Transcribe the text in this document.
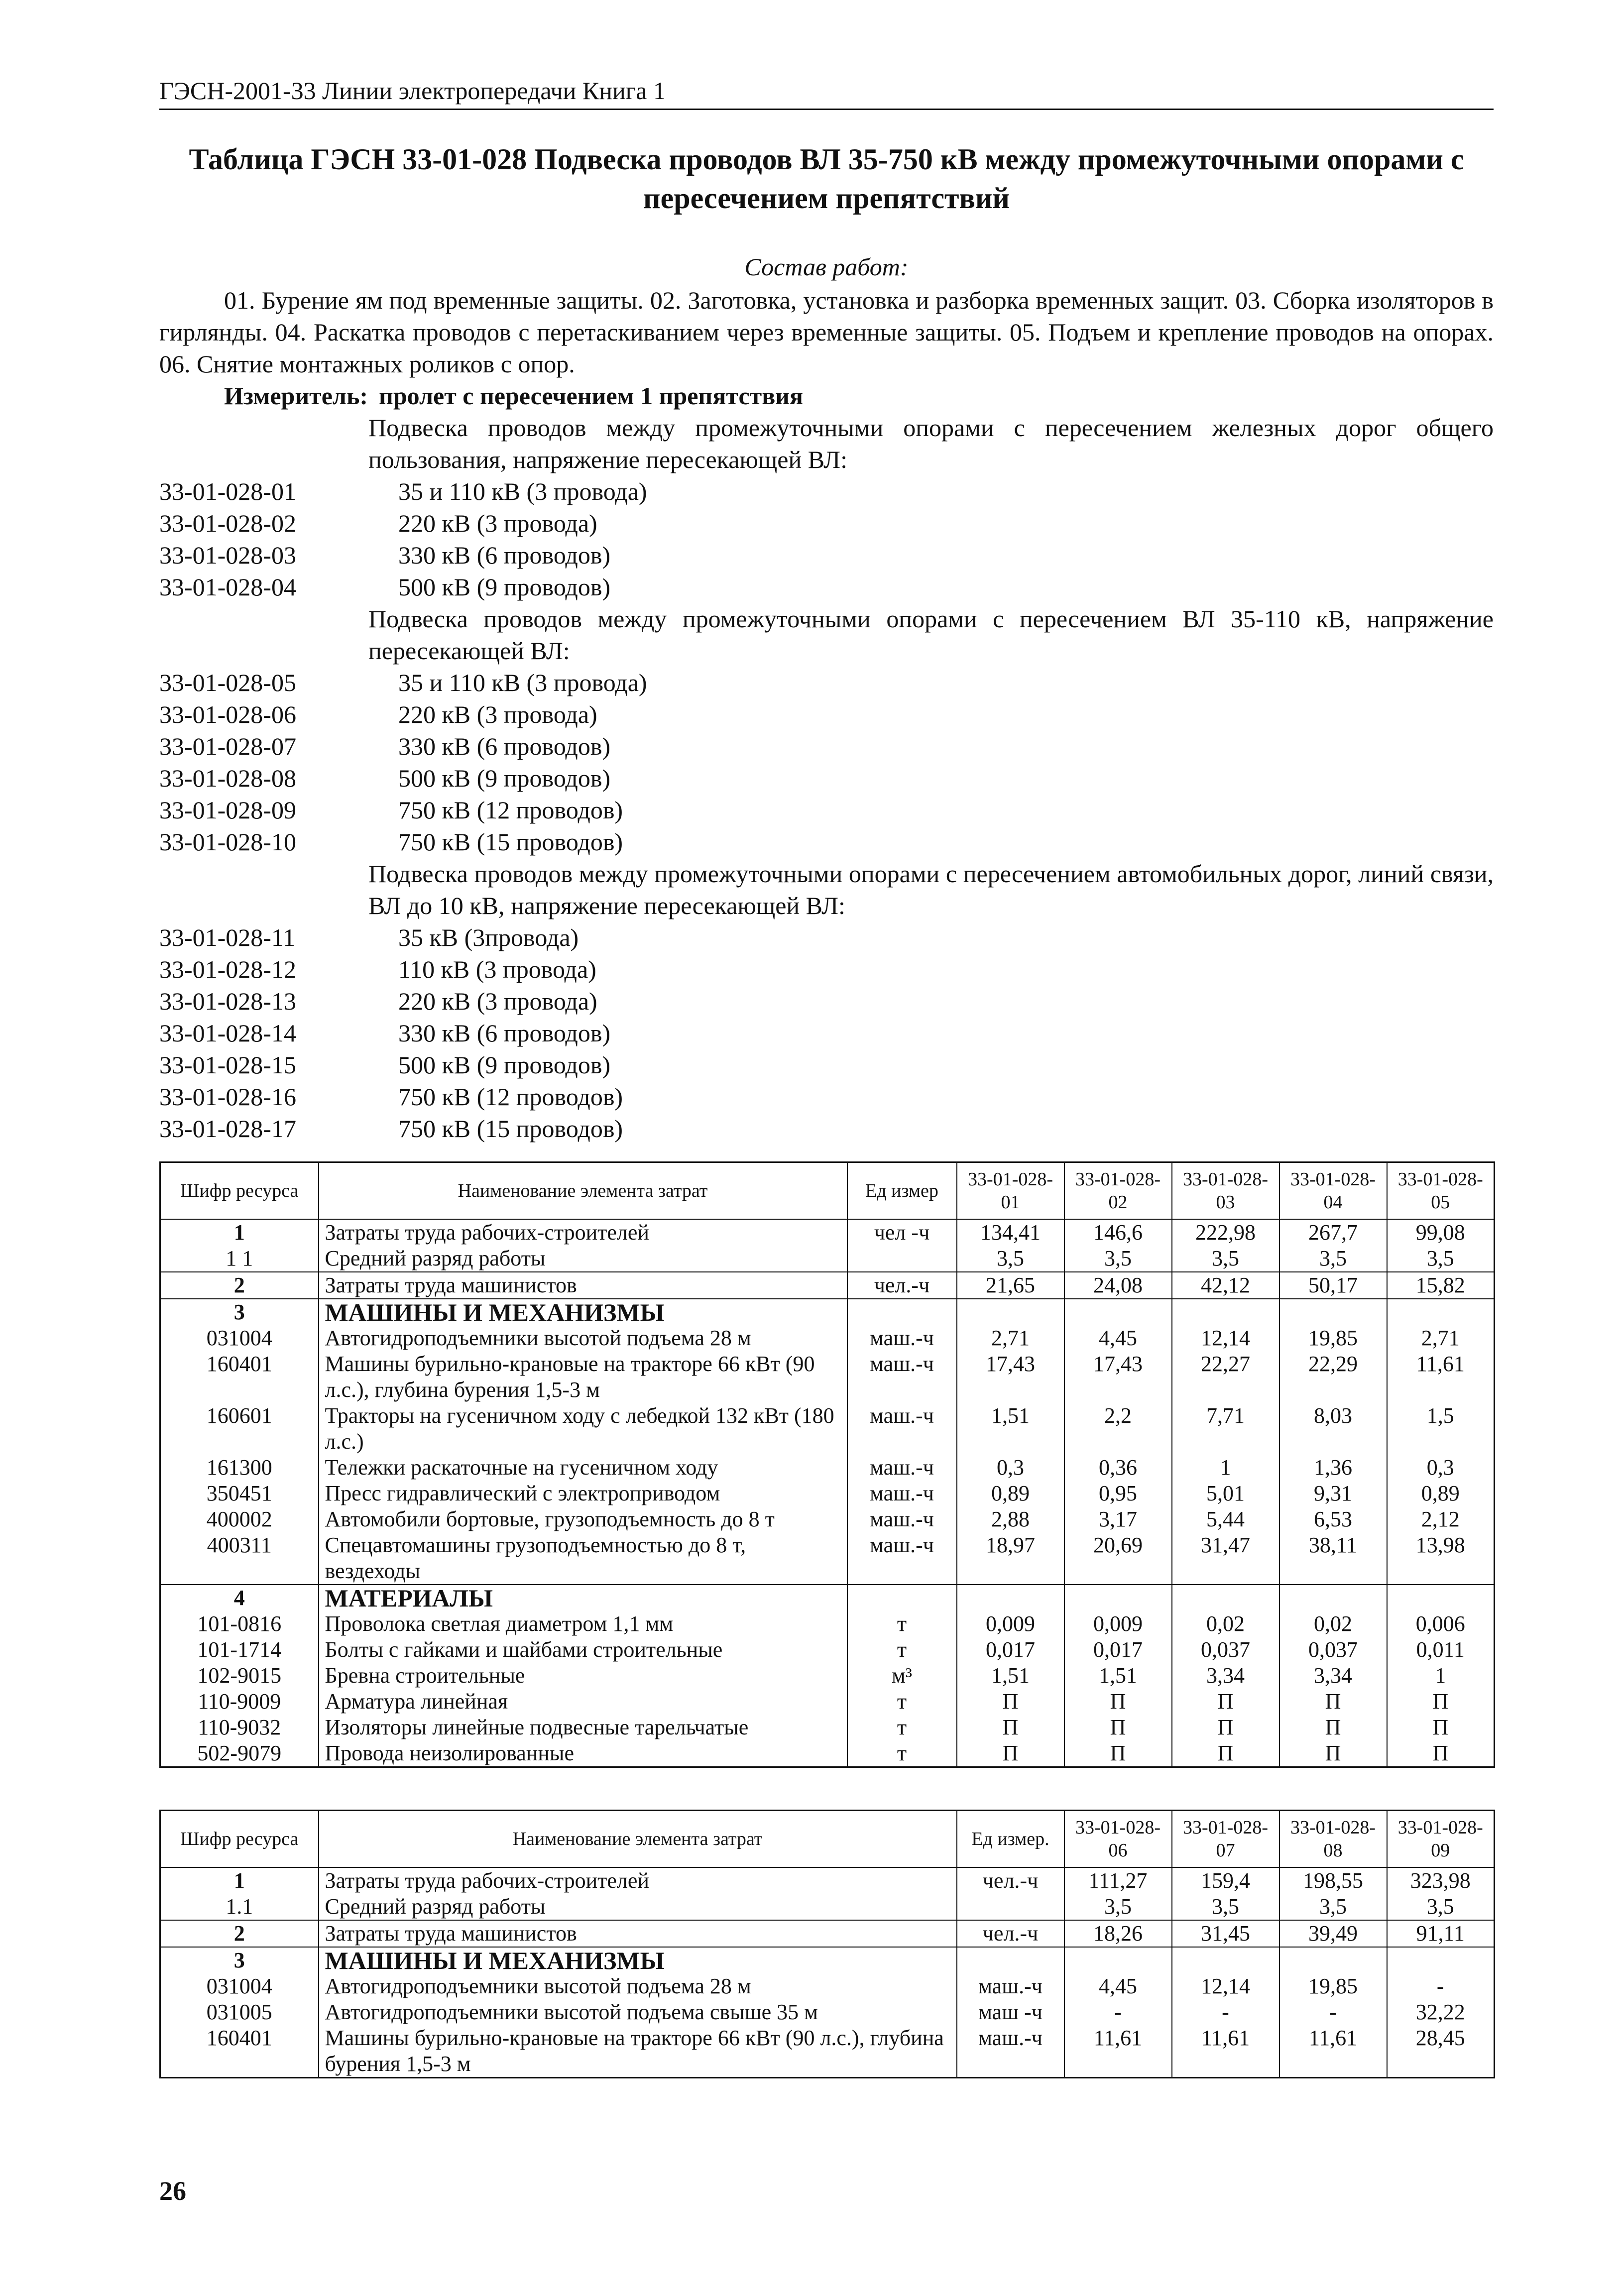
ГЭСН-2001-33 Линии электропередачи Книга 1
Таблица ГЭСН 33-01-028 Подвеска проводов ВЛ 35-750 кВ между промежуточными опорами с пересечением препятствий
Состав работ:
01. Бурение ям под временные защиты. 02. Заготовка, установка и разборка временных защит. 03. Сборка изоляторов в гирлянды. 04. Раскатка проводов с перетаскиванием через временные защиты. 05. Подъем и крепление проводов на опорах. 06. Снятие монтажных роликов с опор.
Измеритель: пролет с пересечением 1 препятствия
Подвеска проводов между промежуточными опорами с пересечением железных дорог общего пользования, напряжение пересекающей ВЛ:
33-01-028-01	35 и 110 кВ (3 провода)
33-01-028-02	220 кВ (3 провода)
33-01-028-03	330 кВ (6 проводов)
33-01-028-04	500 кВ (9 проводов)
Подвеска проводов между промежуточными опорами с пересечением ВЛ 35-110 кВ, напряжение пересекающей ВЛ:
33-01-028-05	35 и 110 кВ (3 провода)
33-01-028-06	220 кВ (3 провода)
33-01-028-07	330 кВ (6 проводов)
33-01-028-08	500 кВ (9 проводов)
33-01-028-09	750 кВ (12 проводов)
33-01-028-10	750 кВ (15 проводов)
Подвеска проводов между промежуточными опорами с пересечением автомобильных дорог, линий связи, ВЛ до 10 кВ, напряжение пересекающей ВЛ:
33-01-028-11	35 кВ (3провода)
33-01-028-12	110 кВ (3 провода)
33-01-028-13	220 кВ (3 провода)
33-01-028-14	330 кВ (6 проводов)
33-01-028-15	500 кВ (9 проводов)
33-01-028-16	750 кВ (12 проводов)
33-01-028-17	750 кВ (15 проводов)
Шифр ресурса	Наименование элемента затрат	Ед измер	33-01-028-01	33-01-028-02	33-01-028-03	33-01-028-04	33-01-028-05
1	Затраты труда рабочих-строителей	чел -ч	134,41	146,6	222,98	267,7	99,08
1 1	Средний разряд работы		3,5	3,5	3,5	3,5	3,5
2	Затраты труда машинистов	чел.-ч	21,65	24,08	42,12	50,17	15,82
3	МАШИНЫ И МЕХАНИЗМЫ						
031004	Автогидроподъемники высотой подъема 28 м	маш.-ч	2,71	4,45	12,14	19,85	2,71
160401	Машины бурильно-крановые на тракторе 66 кВт (90 л.с.), глубина бурения 1,5-3 м	маш.-ч	17,43	17,43	22,27	22,29	11,61
160601	Тракторы на гусеничном ходу с лебедкой 132 кВт (180 л.с.)	маш.-ч	1,51	2,2	7,71	8,03	1,5
161300	Тележки раскаточные на гусеничном ходу	маш.-ч	0,3	0,36	1	1,36	0,3
350451	Пресс гидравлический с электроприводом	маш.-ч	0,89	0,95	5,01	9,31	0,89
400002	Автомобили бортовые, грузоподъемность до 8 т	маш.-ч	2,88	3,17	5,44	6,53	2,12
400311	Спецавтомашины грузоподъемностью до 8 т, вездеходы	маш.-ч	18,97	20,69	31,47	38,11	13,98
4	МАТЕРИАЛЫ						
101-0816	Проволока светлая диаметром 1,1 мм	т	0,009	0,009	0,02	0,02	0,006
101-1714	Болты с гайками и шайбами строительные	т	0,017	0,017	0,037	0,037	0,011
102-9015	Бревна строительные	м³	1,51	1,51	3,34	3,34	1
110-9009	Арматура линейная	т	П	П	П	П	П
110-9032	Изоляторы линейные подвесные тарельчатые	т	П	П	П	П	П
502-9079	Провода неизолированные	т	П	П	П	П	П
Шифр ресурса	Наименование элемента затрат	Ед измер.	33-01-028-06	33-01-028-07	33-01-028-08	33-01-028-09
1	Затраты труда рабочих-строителей	чел.-ч	111,27	159,4	198,55	323,98
1.1	Средний разряд работы		3,5	3,5	3,5	3,5
2	Затраты труда машинистов	чел.-ч	18,26	31,45	39,49	91,11
3	МАШИНЫ И МЕХАНИЗМЫ					
031004	Автогидроподъемники высотой подъема 28 м	маш.-ч	4,45	12,14	19,85	-
031005	Автогидроподъемники высотой подъема свыше 35 м	маш -ч	-	-	-	32,22
160401	Машины бурильно-крановые на тракторе 66 кВт (90 л.с.), глубина бурения 1,5-3 м	маш.-ч	11,61	11,61	11,61	28,45
26
